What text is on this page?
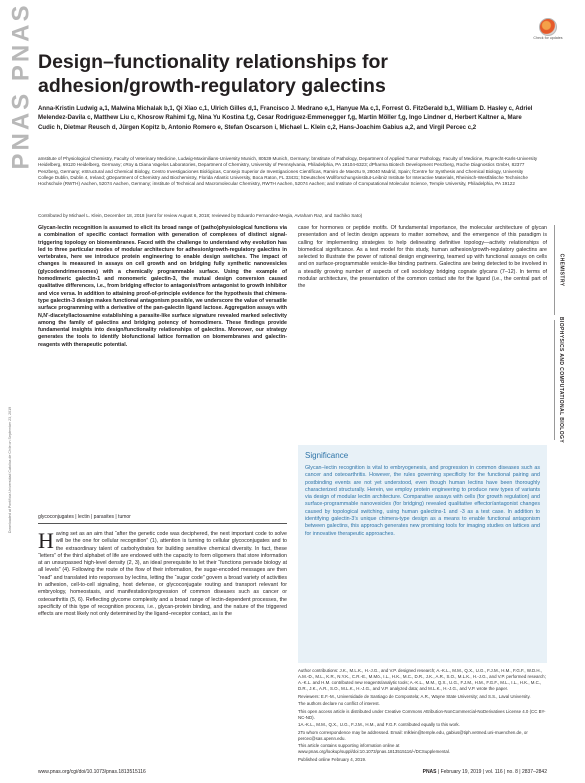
PNAS PNAS
Downloaded at Pontificia Universidad Catolica de Chile on September 23, 2019
Check for updates
Design–functionality relationships for adhesion/growth-regulatory galectins
Anna-Kristin Ludwig a,1, Malwina Michalak b,1, Qi Xiao c,1, Ulrich Gilles d,1, Francisco J. Medrano e,1, Hanyue Ma c,1, Forrest G. FitzGerald b,1, William D. Hasley c, Adriel Melendez-Davila c, Matthew Liu c, Khosrow Rahimi f,g, Nina Yu Kostina f,g, Cesar Rodriguez-Emmenegger f,g, Martin Möller f,g, Ingo Lindner d, Herbert Kaltner a, Mare Cudic h, Dietmar Reusch d, Jürgen Kopitz b, Antonio Romero e, Stefan Oscarson i, Michael L. Klein c,2, Hans-Joachim Gabius a,2, and Virgil Percec c,2
aInstitute of Physiological Chemistry, Faculty of Veterinary Medicine, Ludwig-Maximilians-University Munich, 80539 Munich, Germany; bInstitute of Pathology, Department of Applied Tumor Pathology, Faculty of Medicine, Ruprecht-Karls-University Heidelberg, 69120 Heidelberg, Germany; cRoy & Diana Vagelos Laboratories, Department of Chemistry, University of Pennsylvania, Philadelphia, PA 19104-6323; dPharma Biotech Development Penzberg, Roche Diagnostics GmbH, 82377 Penzberg, Germany; eStructural and Chemical Biology, Centro Investigaciones Biológicas, Consejo Superior de Investigaciones Científicas, Ramiro de Maeztu 9, 28040 Madrid, Spain; fCentre for Synthesis and Chemical Biology, University College Dublin, Dublin 4, Ireland; gDepartment of Chemistry and Biochemistry, Florida Atlantic University, Boca Raton, FL 33431; hDeutsches Wollforschungsinstitut-Leibniz Institute for Interactive Materials, Rheinisch-Westfälische Technische Hochschule (RWTH) Aachen, 52074 Aachen, Germany; iInstitute of Technical and Macromolecular Chemistry, RWTH Aachen, 52074 Aachen; and Institute of Computational Molecular Science, Temple University, Philadelphia, PA 19122
Contributed by Michael L. Klein, December 18, 2018 (sent for review August 6, 2018; reviewed by Eduardo Fernandez-Megia, Avraham Raz, and Sachiko Sato)
Glycan-lectin recognition is assumed to elicit its broad range of (patho)physiological functions via a combination of specific contact formation with generation of complexes of distinct signal-triggering topology on biomembranes. Faced with the challenge to understand why evolution has led to three particular modes of modular architecture for adhesion/growth-regulatory galectins in vertebrates, here we introduce protein engineering to enable design switches. The impact of changes is measured in assays on cell growth and on bridging fully synthetic nanovesicles (glycodendrimersomes) with a chemically programmable surface. Using the example of homodimeric galectin-1 and monomeric galectin-3, the mutual design conversion caused qualitative differences, i.e., from bridging effector to antagonist/from antagonist to growth inhibitor and vice versa. In addition to attaining proof-of-principle evidence for the hypothesis that chimera-type galectin-3 design makes functional antagonism possible, we underscore the value of versatile surface programming with a derivative of the pan-galectin ligand lactose. Aggregation assays with N,N'-diacetyllactosamine establishing a parasite-like surface signature revealed marked selectivity among the family of galectins and bridging potency of homodimers. These findings provide fundamental insights into design/functionality relationships of galectins. Moreover, our strategy generates the tools to identify biofunctional lattice formation on biomembranes and galectin-reagents with therapeutic potential.
glycoconjugates | lectin | parasites | tumor
Having set as an aim that “after the genetic code was deciphered, the next important code to solve will be the one for cellular recognition” (1), attention is turning to cellular glycoconjugates and to the extraordinary talent of carbohydrates for building sensitive chemical diversity. In fact, these “letters” of the third alphabet of life are endowed with the capacity to form oligomers that store information at an unsurpassed high-level density (2, 3), an ideal prerequisite to let their “functions pervade biology at all levels” (4). Following the route of the flow of their information, the sugar-encoded messages are then “read” and translated into responses by lectins, letting the “sugar code” govern a broad variety of activities in adhesion, cell-to-cell signaling, host defense, or glycoconjugate routing and transport relevant for embryology, homeostasis, and manifestation/progression of common diseases such as cancer or osteoarthritis (5, 6). Reflecting glycome complexity and a broad range of lectin-dependent processes, the specificity of this type of recognition process, i.e., glycan-protein binding, and the nature of the triggered effects are most likely not only determined by the ligand–receptor contact, as is the
case for hormones or peptide motifs. Of fundamental importance, the molecular architecture of glycan presentation and of lectin design appears to matter somehow, and the emergence of this paradigm is calling for implementing strategies to help delineating definitive topology—activity relationships of biomedical significance. As a test model for this study, human adhesion/growth-regulatory galectins are selected to illustrate the power of rational design engineering, teamed up with functional assays on cells and on surface-programmable vesicle-like binding partners. Galectins are being detected to be involved in a steadily growing number of aspects of cell sociology bridging cognate glycans (7–12). In terms of modular architecture, the presentation of the common contact site for the ligand (i.e., the central part of the
Significance

Glycan–lectin recognition is vital to embryogenesis, and progression in common diseases such as cancer and osteoarthritis. However, the rules governing specificity for the functional pairing and postbinding events are not yet understood, even though human lectins have been thoroughly characterized structurally. Herein, we employ protein engineering to produce new types of variants via design of modular lectin architecture. Comparative assays with cells (for growth regulation) and surface-programmable nanovesicles (for bridging) revealed qualitative effector/antagonist changes caused by topological switching, using human galectins-1 and -3 as a test case. In addition to identifying galectin-3’s unique chimera-type design as a means to enable functional antagonism between galectins, this approach generates new promising tools for imaging studies on lattices and for innovative therapeutic approaches.

Author contributions: J.K., M.L.K., H.-J.G., and V.P. designed research; A.-K.L., M.M., Q.X., U.G., F.J.M., H.M., F.G.F., W.D.H., A.M.-D., M.L., K.R., N.Y.K., C.R.-E., M.Mö., I.L., H.K., M.C., D.R., J.K., A.R., S.O., M.L.K., H.-J.G., and V.P. performed research; A.-K.L. and H.M. contributed new reagents/analytic tools; A.-K.L., M.M., Q.X., U.G., F.J.M., H.M., F.G.F., M.L., I.L., H.K., M.C., D.R., J.K., A.R., S.O., M.L.K., H.-J.G., and V.P. analyzed data; and M.L.K., H.-J.G., and V.P. wrote the paper.

Reviewers: E.F.-M., Universidade de Santiago de Compostela; A.R., Wayne State University; and S.S., Laval University.

The authors declare no conflict of interest.

This open access article is distributed under Creative Commons Attribution-NonCommercial-NoDerivatives License 4.0 (CC BY-NC-ND).

1A.-K.L., M.M., Q.X., U.G., F.J.M., H.M., and F.G.F. contributed equally to this work.

2To whom correspondence may be addressed. Email: mlklein@temple.edu, gabius@tiph.vetmed.uni-muenchen.de, or percec@sas.upenn.edu.

This article contains supporting information online at www.pnas.org/lookup/suppl/doi:10.1073/pnas.1813515116/-/DCSupplemental.

Published online February 4, 2019.

CHEMISTRY
BIOPHYSICS AND COMPUTATIONAL BIOLOGY
www.pnas.org/cgi/doi/10.1073/pnas.1813515116	PNAS | February 19, 2019 | vol. 116 | no. 8 | 2837–2842
